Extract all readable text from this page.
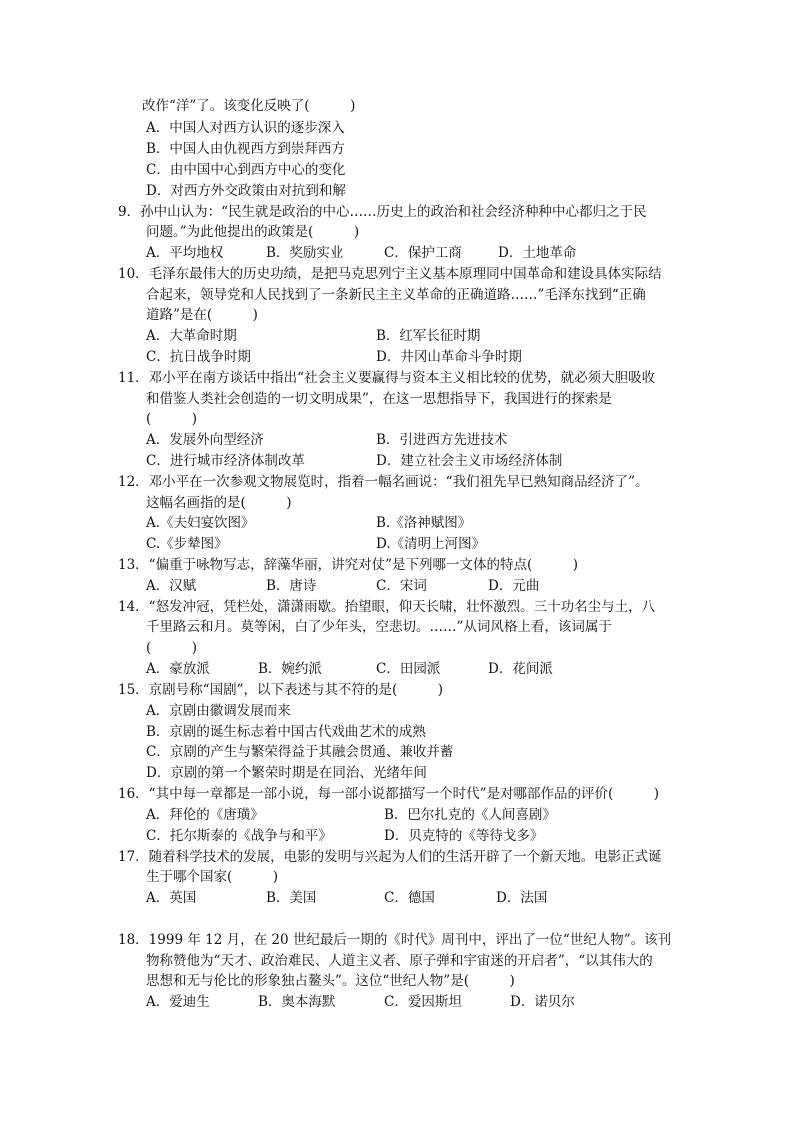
改作“洋”了。该变化反映了(　　　)
A．中国人对西方认识的逐步深入
B．中国人由仇视西方到崇拜西方
C．由中国中心到西方中心的变化
D．对西方外交政策由对抗到和解
9．孙中山认为：“民生就是政治的中心……历史上的政治和社会经济种种中心都归之于民
问题。”为此他提出的政策是(　　　)
A．平均地权	B．奖励实业	C．保护工商	D．土地革命
10．毛泽东最伟大的历史功绩，是把马克思列宁主义基本原理同中国革命和建设具体实际结
合起来，领导党和人民找到了一条新民主主义革命的正确道路……”毛泽东找到“正确
道路”是在(　　　)
A．大革命时期	B．红军长征时期
C．抗日战争时期	D．井冈山革命斗争时期
11．邓小平在南方谈话中指出“社会主义要赢得与资本主义相比较的优势，就必须大胆吸收
和借鉴人类社会创造的一切文明成果”，在这一思想指导下，我国进行的探索是
(　　　)
A．发展外向型经济	B．引进西方先进技术
C．进行城市经济体制改革	D．建立社会主义市场经济体制
12．邓小平在一次参观文物展览时，指着一幅名画说：“我们祖先早已熟知商品经济了”。
这幅名画指的是(　　　)
A.《夫妇宴饮图》	B.《洛神赋图》
C.《步辇图》	D.《清明上河图》
13．“偏重于咏物写志，辞藻华丽，讲究对仗”是下列哪一文体的特点(　　　)
A．汉赋	B．唐诗	C．宋词	D．元曲
14．“怒发冲冠，凭栏处，潇潇雨歇。抬望眼，仰天长啸，壮怀激烈。三十功名尘与土，八
千里路云和月。莫等闲，白了少年头，空悲切。……”从词风格上看，该词属于
(　　　)
A．豪放派	B．婉约派	C．田园派	D．花间派
15．京剧号称“国剧”，以下表述与其不符的是(　　　)
A．京剧由徽调发展而来
B．京剧的诞生标志着中国古代戏曲艺术的成熟
C．京剧的产生与繁荣得益于其融会贯通、兼收并蓄
D．京剧的第一个繁荣时期是在同治、光绪年间
16．“其中每一章都是一部小说，每一部小说都描写一个时代”是对哪部作品的评价(　　　)
A．拜伦的《唐璜》	B．巴尔扎克的《人间喜剧》
C．托尔斯泰的《战争与和平》	D．贝克特的《等待戈多》
17．随着科学技术的发展，电影的发明与兴起为人们的生活开辟了一个新天地。电影正式诞
生于哪个国家(　　　)
A．英国	B．美国	C．德国	D．法国
18．1999 年 12 月，在 20 世纪最后一期的《时代》周刊中，评出了一位“世纪人物”。该刊
物称赞他为“天才、政治难民、人道主义者、原子弹和宇宙迷的开启者”，“以其伟大的
思想和无与伦比的形象独占鳌头”。这位“世纪人物”是(　　　)
A．爱迪生	B．奥本海默	C．爱因斯坦	D．诺贝尔
